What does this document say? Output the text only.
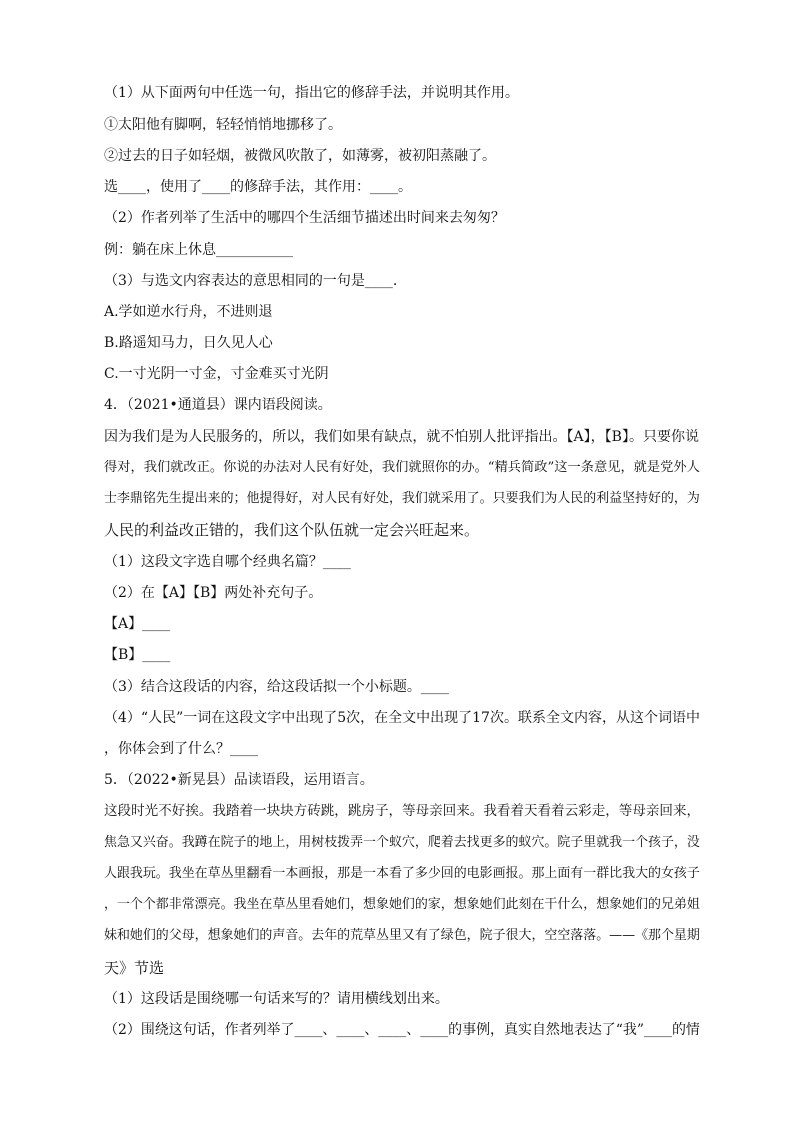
（1）从下面两句中任选一句，指出它的修辞手法，并说明其作用。
①太阳他有脚啊，轻轻悄悄地挪移了。
②过去的日子如轻烟，被微风吹散了，如薄雾，被初阳蒸融了。
选____，使用了____的修辞手法，其作用：____。
（2）作者列举了生活中的哪四个生活细节描述出时间来去匆匆？
例：躺在床上休息___________
（3）与选文内容表达的意思相同的一句是____.
A.学如逆水行舟，不进则退
B.路遥知马力，日久见人心
C.一寸光阴一寸金，寸金难买寸光阴
4．（2021•通道县）课内语段阅读。
因为我们是为人民服务的，所以，我们如果有缺点，就不怕别人批评指出。【A】，【B】。只要你说
得对，我们就改正。你说的办法对人民有好处，我们就照你的办。“精兵简政”这一条意见，就是党外人
士李鼎铭先生提出来的；他提得好，对人民有好处，我们就采用了。只要我们为人民的利益坚持好的，为
人民的利益改正错的，我们这个队伍就一定会兴旺起来。
（1）这段文字选自哪个经典名篇？____
（2）在【A】【B】两处补充句子。
【A】____
【B】____
（3）结合这段话的内容，给这段话拟一个小标题。____
（4）“人民”一词在这段文字中出现了5次，在全文中出现了17次。联系全文内容，从这个词语中
，你体会到了什么？____
5．（2022•新晃县）品读语段，运用语言。
这段时光不好挨。我踏着一块块方砖跳，跳房子，等母亲回来。我看着天看着云彩走，等母亲回来，
焦急又兴奋。我蹲在院子的地上，用树枝拨弄一个蚁穴，爬着去找更多的蚁穴。院子里就我一个孩子，没
人跟我玩。我坐在草丛里翻看一本画报，那是一本看了多少回的电影画报。那上面有一群比我大的女孩子
，一个个都非常漂亮。我坐在草丛里看她们，想象她们的家，想象她们此刻在干什么，想象她们的兄弟姐
妹和她们的父母，想象她们的声音。去年的荒草丛里又有了绿色，院子很大，空空落落。——《那个星期
天》节选
（1）这段话是围绕哪一句话来写的？请用横线划出来。
（2）围绕这句话，作者列举了____、____、____、____的事例，真实自然地表达了“我”____的情
